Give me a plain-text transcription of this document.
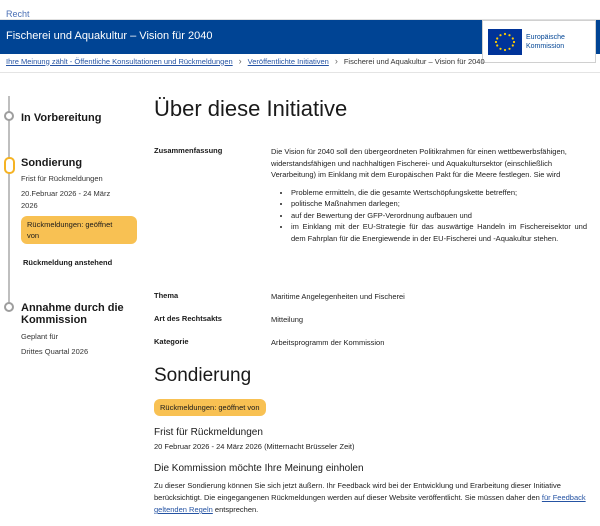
Recht
Fischerei und Aquakultur – Vision für 2040	Europäische
Kommission
Ihre Meinung zählt - Öffentliche Konsultationen und Rückmeldungen › Veröffentlichte Initiativen › Fischerei und Aquakultur – Vision für 2040
In Vorbereitung
Sondierung
Frist für Rückmeldungen
20.Februar 2026 - 24 März
2026
Rückmeldungen: geöffnet
von
Rückmeldung anstehend
Annahme durch die
Kommission
Geplant für
Drittes Quartal 2026
Über diese Initiative
Zusammenfassung	Die Vision für 2040 soll den übergeordneten Politikrahmen für einen wettbewerbsfähigen, widerstandsfähigen und nachhaltigen Fischerei- und Aquakultursektor (einschließlich Verarbeitung) im Einklang mit dem Europäischen Pakt für die Meere festlegen. Sie wird
• Probleme ermitteln, die die gesamte Wertschöpfungskette betreffen;
• politische Maßnahmen darlegen;
• auf der Bewertung der GFP-Verordnung aufbauen und
• im Einklang mit der EU-Strategie für das auswärtige Handeln im Fischereisektor und dem Fahrplan für die Energiewende in der EU-Fischerei und -Aquakultur stehen.
Thema	Maritime Angelegenheiten und Fischerei
Art des Rechtsakts	Mitteilung
Kategorie	Arbeitsprogramm der Kommission
Sondierung
Rückmeldungen: geöffnet von
Frist für Rückmeldungen
20 Februar 2026 - 24 März 2026 (Mitternacht Brüsseler Zeit)
Die Kommission möchte Ihre Meinung einholen
Zu dieser Sondierung können Sie sich jetzt äußern. Ihr Feedback wird bei der Entwicklung und Erarbeitung dieser Initiative berücksichtigt. Die eingegangenen Rückmeldungen werden auf dieser Website veröffentlicht. Sie müssen daher den für Feedback geltenden Regeln entsprechen.
